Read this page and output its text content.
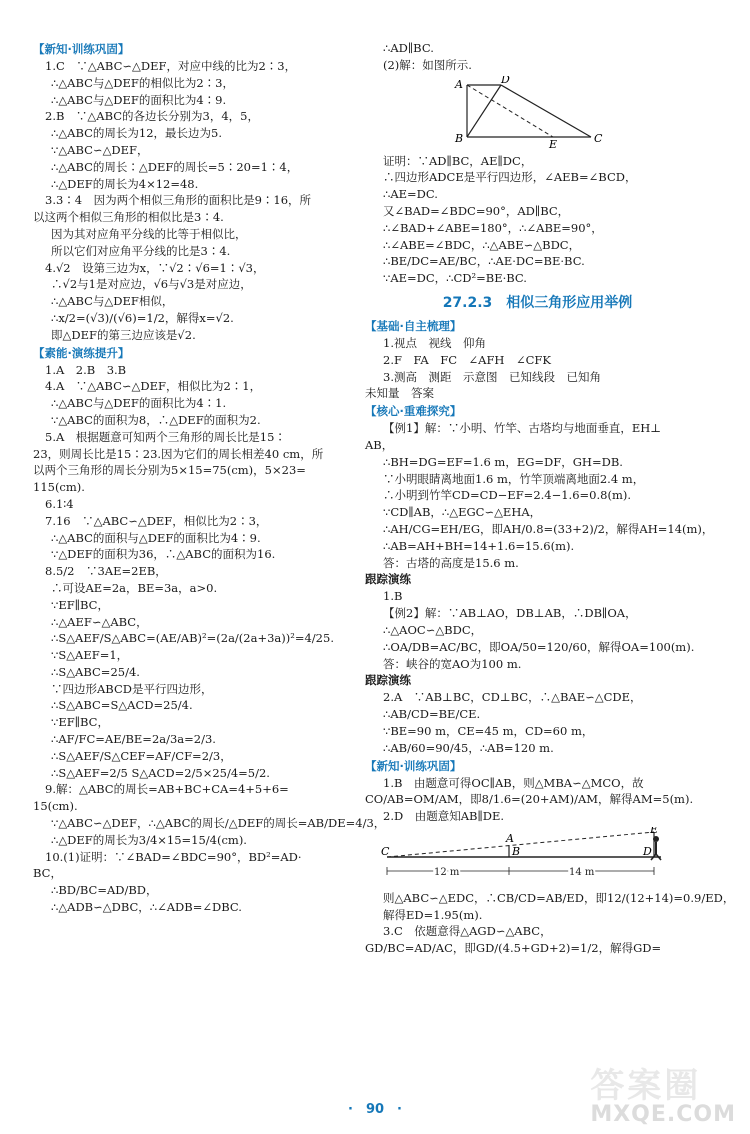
【新知·训练巩固】
1.C　∵△ABC∽△DEF，对应中线的比为2∶3，
∴△ABC与△DEF的相似比为2∶3，
∴△ABC与△DEF的面积比为4∶9.
2.B　∵△ABC的各边长分别为3，4，5，
∴△ABC的周长为12，最长边为5.
∵△ABC∽△DEF，
∴△ABC的周长∶△DEF的周长=5∶20=1∶4，
∴△DEF的周长为4×12=48.
3.3∶4　因为两个相似三角形的面积比是9∶16，所
以这两个相似三角形的相似比是3∶4.
因为其对应角平分线的比等于相似比，
所以它们对应角平分线的比是3∶4.
4.√2　设第三边为x，∵√2∶√6=1∶√3，
∴√2与1是对应边，√6与√3是对应边，
∴△ABC与△DEF相似，
∴x/2=(√3)/(√6)=1/2，解得x=√2.
即△DEF的第三边应该是√2.
【素能·演练提升】
1.A　2.B　3.B
4.A　∵△ABC∽△DEF，相似比为2∶1，
∴△ABC与△DEF的面积比为4∶1.
∵△ABC的面积为8，∴△DEF的面积为2.
5.A　根据题意可知两个三角形的周长比是15∶
23，则周长比是15∶23.因为它们的周长相差40 cm，所
以两个三角形的周长分别为5×15=75(cm)，5×23=
115(cm).
6.1∶4
7.16　∵△ABC∽△DEF，相似比为2∶3，
∴△ABC的面积与△DEF的面积比为4∶9.
∵△DEF的面积为36，∴△ABC的面积为16.
8.5/2　∵3AE=2EB，
∴可设AE=2a，BE=3a，a>0.
∵EF∥BC，
∴△AEF∽△ABC，
∴S△AEF/S△ABC=(AE/AB)²=(2a/(2a+3a))²=4/25.
∵S△AEF=1，
∴S△ABC=25/4.
∵四边形ABCD是平行四边形，
∴S△ABC=S△ACD=25/4.
∵EF∥BC，
∴AF/FC=AE/BE=2a/3a=2/3.
∴S△AEF/S△CEF=AF/CF=2/3，
∴S△AEF=2/5 S△ACD=2/5×25/4=5/2.
9.解：△ABC的周长=AB+BC+CA=4+5+6=
15(cm).
∵△ABC∽△DEF，∴△ABC的周长/△DEF的周长=AB/DE=4/3，
∴△DEF的周长为3/4×15=15/4(cm).
10.(1)证明：∵∠BAD=∠BDC=90°，BD²=AD·
BC，
∴BD/BC=AD/BD，
∴△ADB∽△DBC，∴∠ADB=∠DBC.
∴AD∥BC.
(2)解：如图所示.
A	D
B	E	C
证明：∵AD∥BC，AE∥DC，
∴四边形ADCE是平行四边形，∠AEB=∠BCD，
∴AE=DC.
又∠BAD=∠BDC=90°，AD∥BC，
∴∠BAD+∠ABE=180°，∴∠ABE=90°，
∴∠ABE=∠BDC，∴△ABE∽△BDC，
∴BE/DC=AE/BC，∴AE·DC=BE·BC.
∵AE=DC，∴CD²=BE·BC.
27.2.3　相似三角形应用举例
【基础·自主梳理】
1.视点　视线　仰角
2.F　FA　FC　∠AFH　∠CFK
3.测高　测距　示意图　已知线段　已知角
未知量　答案
【核心·重难探究】
【例1】解：∵小明、竹竿、古塔均与地面垂直，EH⊥
AB，
∴BH=DG=EF=1.6 m，EG=DF，GH=DB.
∵小明眼睛离地面1.6 m，竹竿顶端离地面2.4 m，
∴小明到竹竿CD=CD−EF=2.4−1.6=0.8(m).
∵CD∥AB，∴△EGC∽△EHA，
∴AH/CG=EH/EG，即AH/0.8=(33+2)/2，解得AH=14(m)，
∴AB=AH+BH=14+1.6=15.6(m).
答：古塔的高度是15.6 m.
跟踪演练
1.B
【例2】解：∵AB⊥AO，DB⊥AB，∴DB∥OA，
∴△AOC∽△BDC，
∴OA/DB=AC/BC，即OA/50=120/60，解得OA=100(m).
答：峡谷的宽AO为100 m.
跟踪演练
2.A　∵AB⊥BC，CD⊥BC，∴△BAE∽△CDE，
∴AB/CD=BE/CE.
∵BE=90 m，CE=45 m，CD=60 m，
∴AB/60=90/45，∴AB=120 m.
【新知·训练巩固】
1.B　由题意可得OC∥AB，则△MBA∽△MCO，故
CO/AB=OM/AM，即8/1.6=(20+AM)/AM，解得AM=5(m).
2.D　由题意知AB∥DE.
C
A
B	D
E
12 m	14 m
则△ABC∽△EDC，∴CB/CD=AB/ED，即12/(12+14)=0.9/ED，
解得ED=1.95(m).
3.C　依题意得△AGD∽△ABC，
GD/BC=AD/AC，即GD/(4.5+GD+2)=1/2，解得GD=
·　90　·
答案圈
MXQE.COM
